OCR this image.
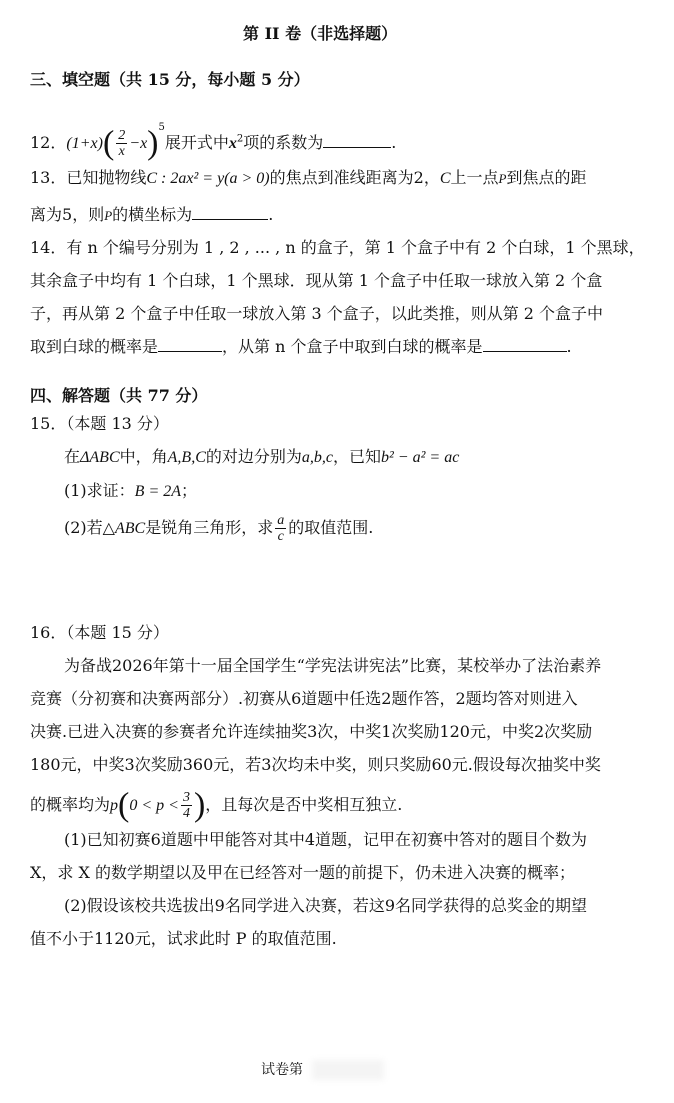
第 II 卷（非选择题）
三、填空题（共 15 分，每小题 5 分）
12．$(1+x)( \frac{2}{x} -x)^5$展开式中$x^2$项的系数为	.
13．已知抛物线C : 2ax² = y(a > 0)的焦点到准线距离为2，C上一点P到焦点的距
离为5，则P的横坐标为	.
14．有 n 个编号分别为 1 , 2 , ... , n 的盒子，第 1 个盒子中有 2 个白球，1 个黑球，
其余盒子中均有 1 个白球，1 个黑球．现从第 1 个盒子中任取一球放入第 2 个盒
子，再从第 2 个盒子中任取一球放入第 3 个盒子，以此类推，则从第 2 个盒子中
取到白球的概率是	，从第 n 个盒子中取到白球的概率是	.
四、解答题（共 77 分）
15．（本题 13 分）
在ΔABC中，角A,B,C的对边分别为a,b,c，已知b² − a² = ac
(1)求证：B = 2A；
(2)若△ABC是锐角三角形，求 $\frac{a}{c}$ 的取值范围.
16．（本题 15 分）
为备战2026年第十一届全国学生“学宪法讲宪法”比赛，某校举办了法治素养
竞赛（分初赛和决赛两部分）.初赛从6道题中任选2题作答，2题均答对则进入
决赛.已进入决赛的参赛者允许连续抽奖3次，中奖1次奖励120元，中奖2次奖励
180元，中奖3次奖励360元，若3次均未中奖，则只奖励60元.假设每次抽奖中奖
的概率均为$p(0 < p < \frac{3}{4}$ )，且每次是否中奖相互独立.
(1)已知初赛6道题中甲能答对其中4道题，记甲在初赛中答对的题目个数为
X，求 X 的数学期望以及甲在已经答对一题的前提下，仍未进入决赛的概率；
(2)假设该校共选拔出9名同学进入决赛，若这9名同学获得的总奖金的期望
值不小于1120元，试求此时 P 的取值范围.
试卷第
